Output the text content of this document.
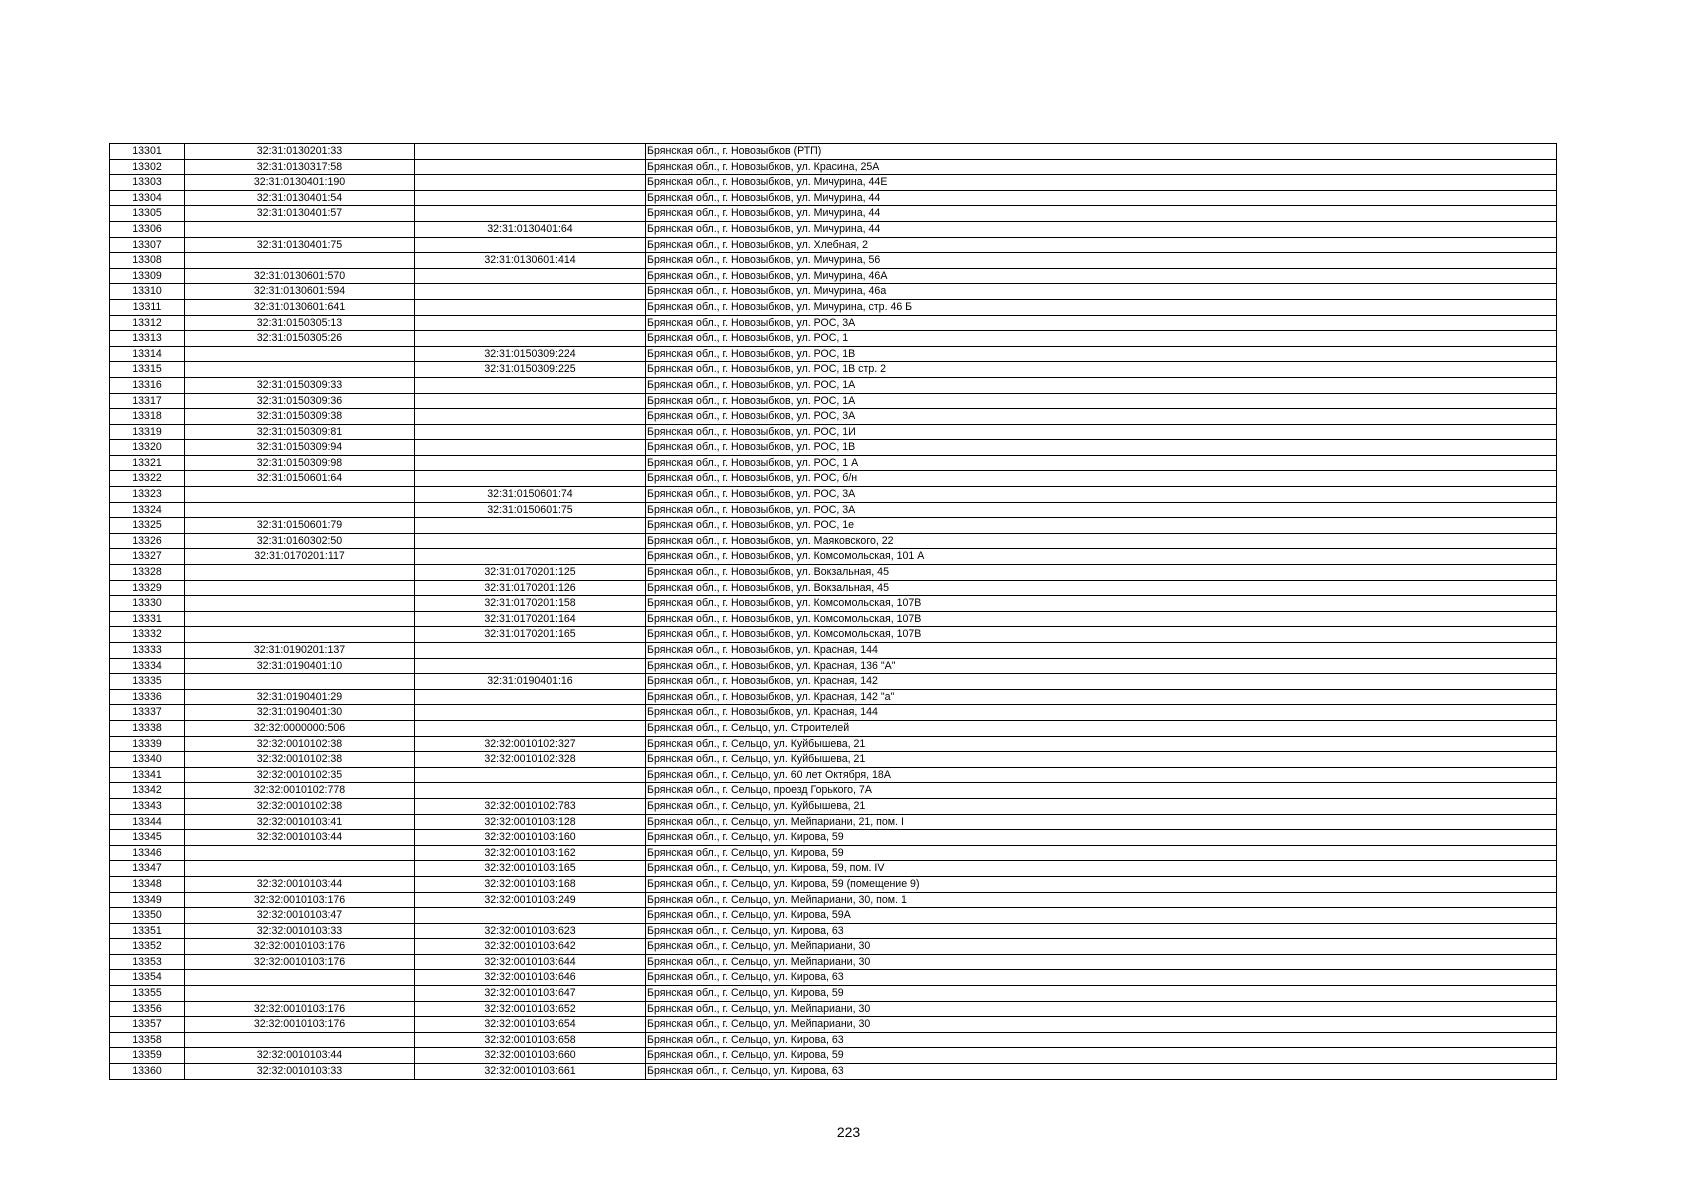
13301	32:31:0130201:33		Брянская обл., г. Новозыбков (РТП)
13302	32:31:0130317:58		Брянская обл., г. Новозыбков, ул. Красина, 25А
13303	32:31:0130401:190		Брянская обл., г. Новозыбков, ул. Мичурина, 44Е
13304	32:31:0130401:54		Брянская обл., г. Новозыбков, ул. Мичурина, 44
13305	32:31:0130401:57		Брянская обл., г. Новозыбков, ул. Мичурина, 44
13306		32:31:0130401:64	Брянская обл., г. Новозыбков, ул. Мичурина, 44
13307	32:31:0130401:75		Брянская обл., г. Новозыбков, ул. Хлебная, 2
13308		32:31:0130601:414	Брянская обл., г. Новозыбков, ул. Мичурина, 56
13309	32:31:0130601:570		Брянская обл., г. Новозыбков, ул. Мичурина, 46А
13310	32:31:0130601:594		Брянская обл., г. Новозыбков, ул. Мичурина, 46а
13311	32:31:0130601:641		Брянская обл., г. Новозыбков, ул. Мичурина, стр. 46 Б
13312	32:31:0150305:13		Брянская обл., г. Новозыбков, ул. РОС, 3А
13313	32:31:0150305:26		Брянская обл., г. Новозыбков, ул. РОС, 1
13314		32:31:0150309:224	Брянская обл., г. Новозыбков, ул. РОС, 1В
13315		32:31:0150309:225	Брянская обл., г. Новозыбков, ул. РОС, 1В стр. 2
13316	32:31:0150309:33		Брянская обл., г. Новозыбков, ул. РОС, 1А
13317	32:31:0150309:36		Брянская обл., г. Новозыбков, ул. РОС, 1А
13318	32:31:0150309:38		Брянская обл., г. Новозыбков, ул. РОС, 3А
13319	32:31:0150309:81		Брянская обл., г. Новозыбков, ул. РОС, 1И
13320	32:31:0150309:94		Брянская обл., г. Новозыбков, ул. РОС, 1В
13321	32:31:0150309:98		Брянская обл., г. Новозыбков, ул. РОС, 1 А
13322	32:31:0150601:64		Брянская обл., г. Новозыбков, ул. РОС, б/н
13323		32:31:0150601:74	Брянская обл., г. Новозыбков, ул. РОС, 3А
13324		32:31:0150601:75	Брянская обл., г. Новозыбков, ул. РОС, 3А
13325	32:31:0150601:79		Брянская обл., г. Новозыбков, ул. РОС, 1е
13326	32:31:0160302:50		Брянская обл., г. Новозыбков, ул. Маяковского, 22
13327	32:31:0170201:117		Брянская обл., г. Новозыбков, ул. Комсомольская, 101 А
13328		32:31:0170201:125	Брянская обл., г. Новозыбков, ул. Вокзальная, 45
13329		32:31:0170201:126	Брянская обл., г. Новозыбков, ул. Вокзальная, 45
13330		32:31:0170201:158	Брянская обл., г. Новозыбков, ул. Комсомольская, 107В
13331		32:31:0170201:164	Брянская обл., г. Новозыбков, ул. Комсомольская, 107В
13332		32:31:0170201:165	Брянская обл., г. Новозыбков, ул. Комсомольская, 107В
13333	32:31:0190201:137		Брянская обл., г. Новозыбков, ул. Красная, 144
13334	32:31:0190401:10		Брянская обл., г. Новозыбков, ул. Красная, 136 "А"
13335		32:31:0190401:16	Брянская обл., г. Новозыбков, ул. Красная, 142
13336	32:31:0190401:29		Брянская обл., г. Новозыбков, ул. Красная, 142 "а"
13337	32:31:0190401:30		Брянская обл., г. Новозыбков, ул. Красная, 144
13338	32:32:0000000:506		Брянская обл., г. Сельцо, ул. Строителей
13339	32:32:0010102:38	32:32:0010102:327	Брянская обл., г. Сельцо, ул. Куйбышева, 21
13340	32:32:0010102:38	32:32:0010102:328	Брянская обл., г. Сельцо, ул. Куйбышева, 21
13341	32:32:0010102:35		Брянская обл., г. Сельцо, ул. 60 лет Октября, 18А
13342	32:32:0010102:778		Брянская обл., г. Сельцо, проезд Горького, 7А
13343	32:32:0010102:38	32:32:0010102:783	Брянская обл., г. Сельцо, ул. Куйбышева, 21
13344	32:32:0010103:41	32:32:0010103:128	Брянская обл., г. Сельцо, ул. Мейпариани, 21, пом. I
13345	32:32:0010103:44	32:32:0010103:160	Брянская обл., г. Сельцо, ул. Кирова, 59
13346		32:32:0010103:162	Брянская обл., г. Сельцо, ул. Кирова, 59
13347		32:32:0010103:165	Брянская обл., г. Сельцо, ул. Кирова, 59, пом. IV
13348	32:32:0010103:44	32:32:0010103:168	Брянская обл., г. Сельцо, ул. Кирова, 59 (помещение 9)
13349	32:32:0010103:176	32:32:0010103:249	Брянская обл., г. Сельцо, ул. Мейпариани, 30, пом. 1
13350	32:32:0010103:47		Брянская обл., г. Сельцо, ул. Кирова, 59А
13351	32:32:0010103:33	32:32:0010103:623	Брянская обл., г. Сельцо, ул. Кирова, 63
13352	32:32:0010103:176	32:32:0010103:642	Брянская обл., г. Сельцо, ул. Мейпариани, 30
13353	32:32:0010103:176	32:32:0010103:644	Брянская обл., г. Сельцо, ул. Мейпариани, 30
13354		32:32:0010103:646	Брянская обл., г. Сельцо, ул. Кирова, 63
13355		32:32:0010103:647	Брянская обл., г. Сельцо, ул. Кирова, 59
13356	32:32:0010103:176	32:32:0010103:652	Брянская обл., г. Сельцо, ул. Мейпариани, 30
13357	32:32:0010103:176	32:32:0010103:654	Брянская обл., г. Сельцо, ул. Мейпариани, 30
13358		32:32:0010103:658	Брянская обл., г. Сельцо, ул. Кирова, 63
13359	32:32:0010103:44	32:32:0010103:660	Брянская обл., г. Сельцо, ул. Кирова, 59
13360	32:32:0010103:33	32:32:0010103:661	Брянская обл., г. Сельцо, ул. Кирова, 63
223
